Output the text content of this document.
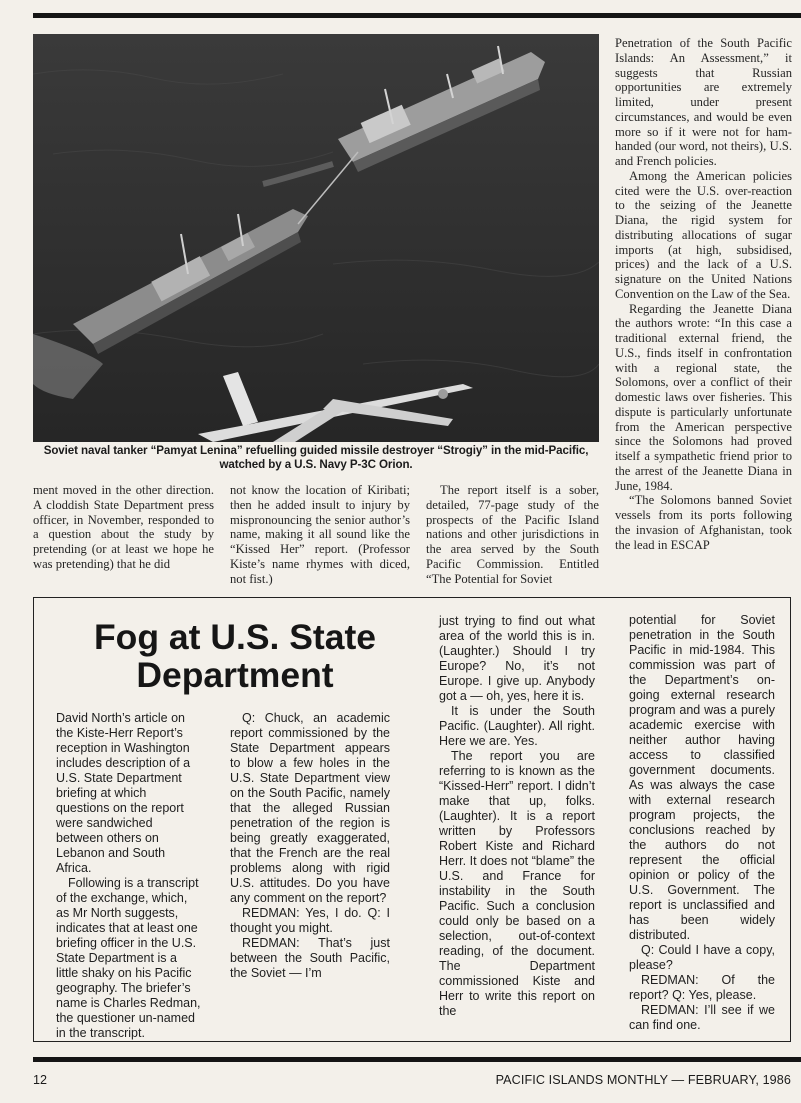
Soviet naval tanker “Pamyat Lenina” refuelling guided missile destroyer “Strogiy” in the mid-Pacific,
watched by a U.S. Navy P-3C Orion.

ment moved in the other direction. A cloddish State Department press officer, in November, responded to a question about the study by pretending (or at least we hope he was pretending) that he did

not know the location of Kiribati; then he added insult to injury by mispronouncing the senior author’s name, making it all sound like the “Kissed Her” report. (Professor Kiste’s name rhymes with diced, not fist.)

The report itself is a sober, detailed, 77-page study of the prospects of the Pacific Island nations and other jurisdictions in the area served by the South Pacific Commission. Entitled “The Potential for Soviet

Penetration of the South Pacific Islands: An Assessment,” it suggests that Russian opportunities are extremely limited, under present circumstances, and would be even more so if it were not for ham-handed (our word, not theirs), U.S. and French policies.

Among the American policies cited were the U.S. over-reaction to the seizing of the Jeanette Diana, the rigid system for distributing allocations of sugar imports (at high, subsidised, prices) and the lack of a U.S. signature on the United Nations Convention on the Law of the Sea.

Regarding the Jeanette Diana the authors wrote: “In this case a traditional external friend, the U.S., finds itself in confrontation with a regional state, the Solomons, over a conflict of their domestic laws over fisheries. This dispute is particularly unfortunate from the American perspective since the Solomons had proved itself a sympathetic friend prior to the arrest of the Jeanette Diana in June, 1984.

“The Solomons banned Soviet vessels from its ports following the invasion of Afghanistan, took the lead in ESCAP

Fog at U.S. State
Department

David North’s article on the Kiste-Herr Report’s reception in Washington includes description of a U.S. State Department briefing at which questions on the report were sandwiched between others on Lebanon and South Africa.

Following is a transcript of the exchange, which, as Mr North suggests, indicates that at least one briefing officer in the U.S. State Department is a little shaky on his Pacific geography. The briefer’s name is Charles Redman, the questioner un-named in the transcript.

Q: Chuck, an academic report commissioned by the State Department appears to blow a few holes in the U.S. State Department view on the South Pacific, namely that the alleged Russian penetration of the region is being greatly exaggerated, that the French are the real problems along with rigid U.S. attitudes. Do you have any comment on the report?

REDMAN: Yes, I do. Q: I thought you might.

REDMAN: That’s just between the South Pacific, the Soviet — I’m

just trying to find out what area of the world this is in. (Laughter.) Should I try Europe? No, it’s not Europe. I give up. Anybody got a — oh, yes, here it is.

It is under the South Pacific. (Laughter). All right. Here we are. Yes.

The report you are referring to is known as the “Kissed-Herr” report. I didn’t make that up, folks. (Laughter). It is a report written by Professors Robert Kiste and Richard Herr. It does not “blame” the U.S. and France for instability in the South Pacific. Such a conclusion could only be based on a selection, out-of-context reading, of the document. The Department commissioned Kiste and Herr to write this report on the

potential for Soviet penetration in the South Pacific in mid-1984. This commission was part of the Department’s on-going external research program and was a purely academic exercise with neither author having access to classified government documents. As was always the case with external research program projects, the conclusions reached by the authors do not represent the official opinion or policy of the U.S. Government. The report is unclassified and has been widely distributed.

Q: Could I have a copy, please?

REDMAN: Of the report? Q: Yes, please.

REDMAN: I’ll see if we can find one.

12	PACIFIC ISLANDS MONTHLY — FEBRUARY, 1986
